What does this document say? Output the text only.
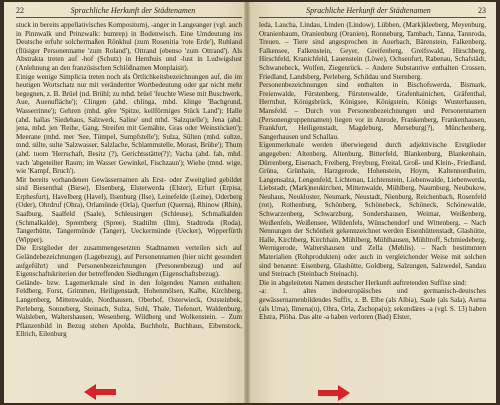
22	Sprachliche Herkunft der Städtenamen

stuck in bereits appellativisches Kompositum), -anger in Langeanger (vgl. auch in Pinnwalk und Prinzwalk: bumrep) in Bodenwisch. Eine Umdeutung ins Deutsche erfuhr solchermaßen Rönkhul (zum Rosenitia 'rote Erde'), Ruhland (flüsiger Personenname 'zum Roland'), Ottrand (ebenso 'zum Ottrand'). Als Abstrakta treten auf -hof (Schutz) in Hernhuis und -lust in Ludwigslust (Anlehnung an den französischen Schlößnamen Monplaisir).

Einige wenige Simplicia treten noch als Örtlichkeitsbezeichnungen auf, die im heutigen Wortschatz nur mit verändertter Wortbedeutung oder gar nicht mehr begegnen, z. B. Brüel (nd. Brühl; zu mhd. brüel 'feuchte Wiese mit Buschwerk, Aue, Auenufläche'); Clingen (ahd. chlinga, mhd. klinge 'Bachgrund, Wasserrinne'); Gehren (mhd. gēre 'Spitze, keilförmiges Stück Land'); Halle (ahd. hallas 'Siedehaus, Salzwerk, Saline' und mhd. 'Salzquelle'); Jena (ahd. jena, mhd. jen 'Reihe, Gang, Streifen mit Gemähte, Gras oder Weinstöcken'); Meerane (mhd. mer 'See, Tümpel, Sumpfstelle'); Sulza, Sülten (mhd. sultze, mnd. sülte, sulte 'Salzwasser, Salzlache, Schlammstelle, Morast, Brühe'); Thum (ahd. tuom 'Herrschaft, Besitz (?), Gerichtsstätte(?)'; Vacha (ahd. fah, mhd. vach 'abgeteilter Raum; im Wasser Gewinkel, Fischzaun'); Wiehe (mnd. wige, wie 'Kampf, Bruch').

Mit bereits vorhandenen Gewässernamen als Erst- oder Zweitglied gebildet sind Biesenthal (Biese), Elsenberg, Elsterwerda (Elster), Erfurt (Erpisa, Erphesfurt), Havelberg (Havel), Ilsenburg (Ilse), Leinefelde (Leine), Oderberg (Oder), Ohrdruf (Ohra), Orlamünde (Orla), Querfurt (Querna), Rhinow (Rhin), Saalburg, Saalfeld (Saale), Schleusingen (Schleuse), Schmalkalden (Schmalkalde), Spremberg (Spree), Stadtilm (Ilm), Stadtroda (Roda), Tangerhütte, Tangermünde (Tanger), Ueckermünde (Uecker), Wipperfürth (Wipper).

Die Erstglieder der zusammengesetzten Stadtnamen verteilen sich auf Geländebezeichnungen (Lagebezug), auf Personennamen (hier nicht gesondert aufgeführt) und Personenbezeichnungen (Personenbezug) und auf Eigenschaftskriterien der betreffenden Siedlungen (Eigenschaftsbezug).

Gelände- bzw. Lagemerkmale sind in den folgenden Namen enthalten: Feldberg, Forst, Grimmen, Heiligenstadt, Hohenmölsen, Kalbe, Kirchberg, Langenberg, Mittenwalde, Nordhausen, Oberhof, Osterwieck, Oststeinbek, Perleberg, Sonneberg, Steinach, Sulza, Suhl, Thale, Tiefenort, Waldenburg, Walsleben, Waltershausen, Wesenberg, Wildberg und Wolkenstein. – Zum Pflanzenbild in Bezug stehen Apolda, Buchholz, Buchhaus, Eibenstock, Ellrich, Eilenburg

Sprachliche Herkunft der Städtenamen	23

leda, Laucha, Lindau, Linden (Lindow), Lübben, (Mark)kleeberg, Meyenburg, Oranienbaum, Oranienburg (Oranien), Ronneburg, Tambach, Tanna, Tannroda, Treuen. – Tiere sind angesprochen in Auerbach, Bärenstein, Falkenberg, Falkensee, Falkenstein, Geyer, Greifenberg, Greifswald, Hirschberg, Hirschfeld, Kranichfeld, Lauenstein (Löwe), Ochsenfurt, Rabenau, Schafstädt, Schwanebeck, Wolfen, Ziegenrück. – Andere Substantive enthalten Crossen, Friedland, Landsberg, Perleberg, Schildau und Sternberg.

Personenbezeichnungen sind enthalten in Bischofswerda, Bismark, Freienwalde, Fürstenberg, Fürstenwalde, Grafenhainichen, Gräfenthal, Herrnhut, Königsbrück, Königsee, Königstein, Königs Wusterhausen, Mansfeld. – Durch von Personenbezeichnungen und Personennamen (Personengruppennamen) liegen vor in Anrode, Frankenberg, Frankenhausen, Frankfurt, Heiligenstadt, Magdeburg, Merseburg(?), Münchenberg, Sangerhausen und Schallau.

Eigenmerkmale werden überwiegend durch adjektivische Erstglieder angegeben: Altenberg, Altenburg, Bitterfeld, Blankenburg, Blankenhain, Dürrenberg, Eisenach, Freiberg, Freyburg, Freital, Groß- und Klein-, Friedland, Grüna, Grünhain, Harzgerode, Hohenstein, Hoym, Kaltennordheim, Langensalza, Lengenfeld, Lichtenau, Lichtenstein, Liebenwalde, Liebenwerda, Liebstadt, (Mark)neukirchen, Mittenwalde, Mühlberg, Naumburg, Neubukow, Neuhaus, Neukloster, Neumark, Neustadt, Nienburg, Reichenbach, Rosenfeld (rot), Rothenburg, Schönberg, Schönebeck, Schöneck, Schönewalde, Schwarzenberg, Schwarzburg, Sondershausen, Weimar, Weißenberg, Weißenfels, Weißensee, Wildenfels, Wünschendorf und Wittenberg. – Nach Nennungen der Schönheit gekennzeichnet werden Eisenhüttenstadt, Glashütte, Halle, Kirchberg, Kirchhain, Mühlberg, Mühlhausen, Mühltroff, Schmiedeberg, Wernigerode, Waltershausen und Zella (Mehlis). – Nach bestimmten Materialien (Rohprodukten) oder auch in vergleichender Weise mit solchen sind benannt: Eisenberg, Glashütte, Goldberg, Salzungen, Salzwedel, Sandau und Steinach (Steinbach Steinach).

Die in abgeleiteten Namen deutscher Herkunft auftretenden Suffixe sind:

-a: 1. altes indoeuropäisches und germanisch-deutsches gewässernamenbildendes Suffix, z. B. Elbe (als Albia), Saale (als Sala), Aurna (als Urna), Ilmena(u), Ohra, Orla, Zschopa(u); sekundäres -a (vgl. S. 13) haben Elstra, Plöha. Das alte -a haben verloren (Bad) Elster,
